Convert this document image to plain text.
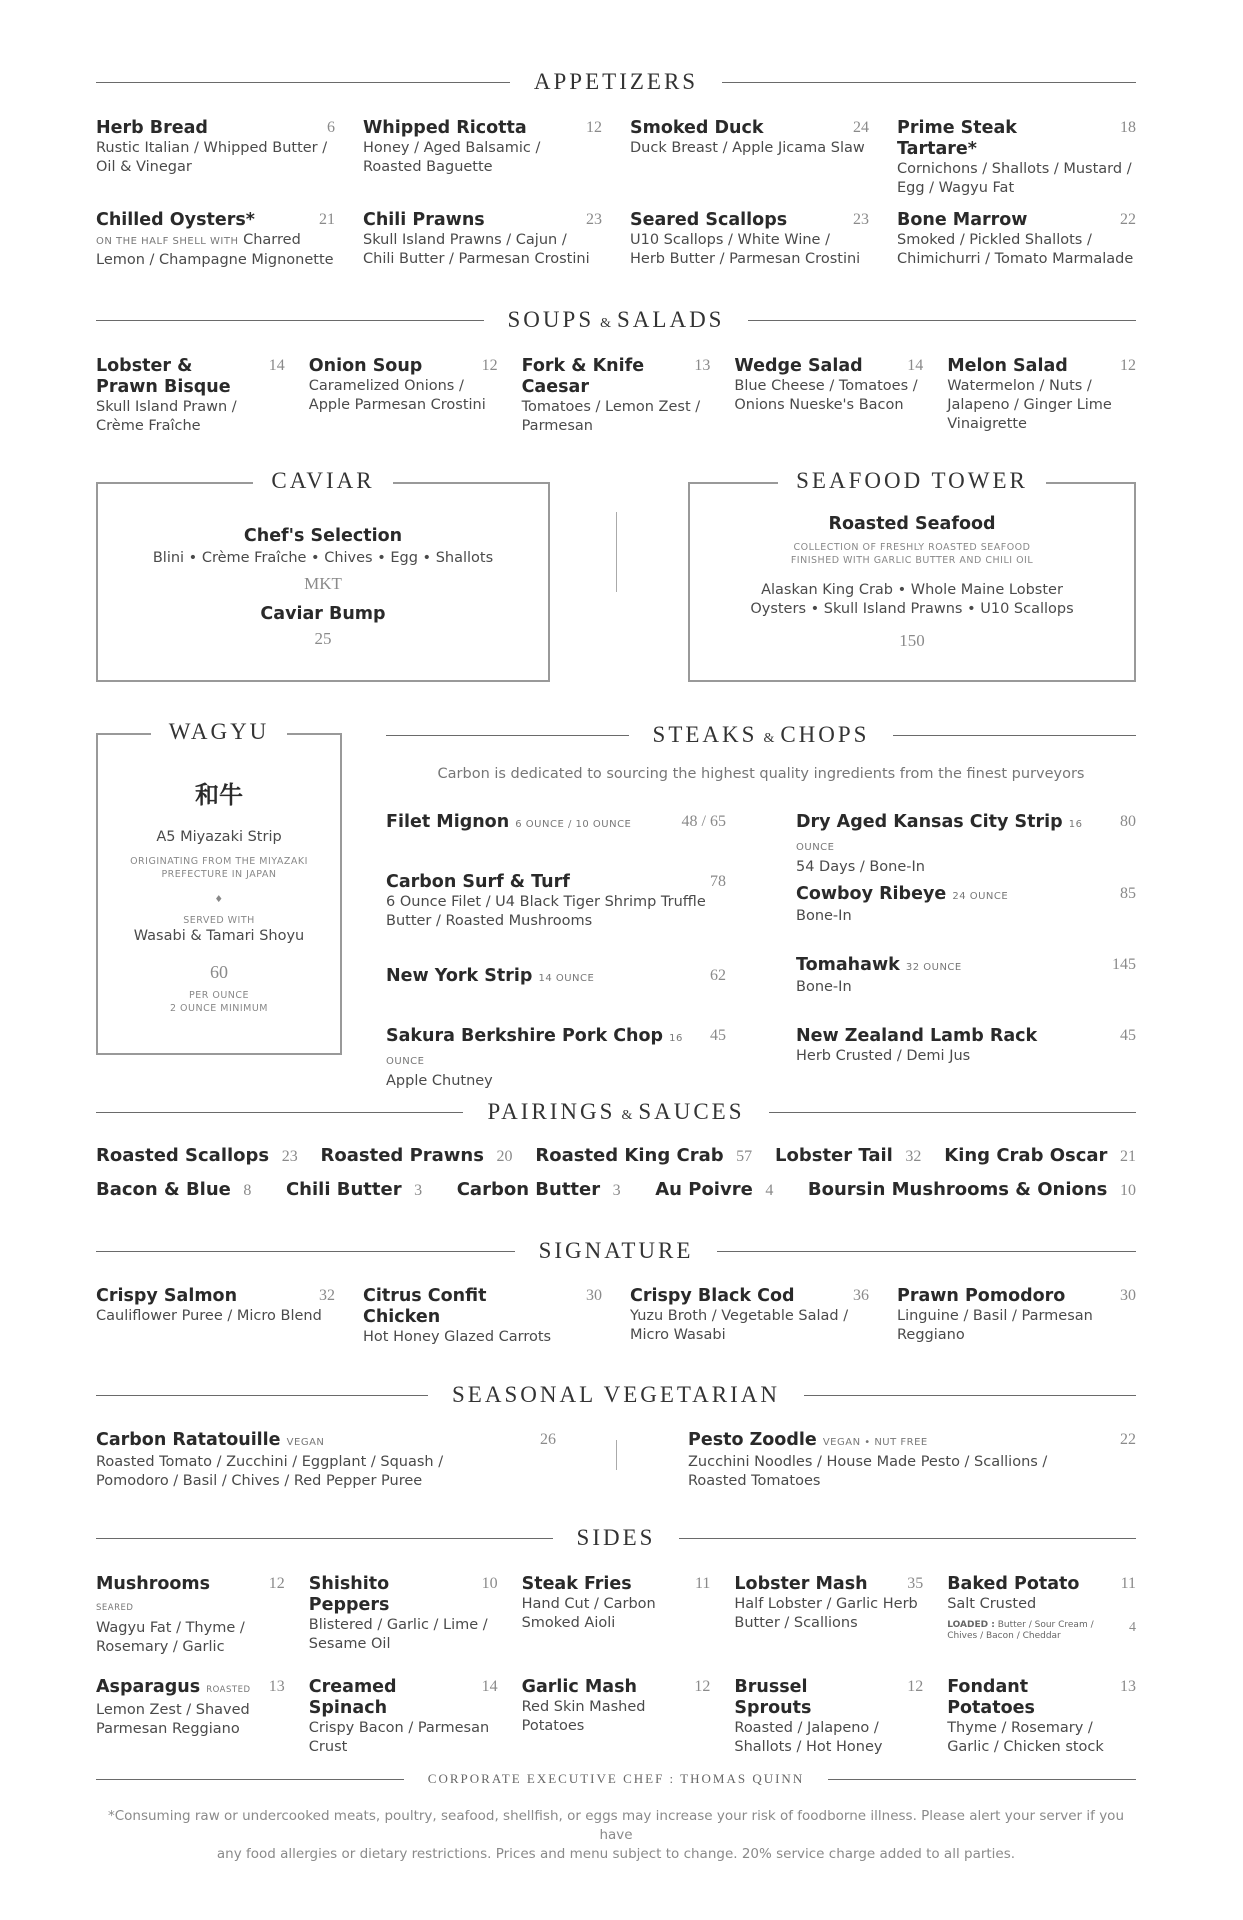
APPETIZERS
Herb Bread	6
Rustic Italian / Whipped Butter / Oil & Vinegar
Whipped Ricotta	12
Honey / Aged Balsamic / Roasted Baguette
Smoked Duck	24
Duck Breast / Apple Jicama Slaw
Prime Steak Tartare*
18
Cornichons / Shallots / Mustard / Egg / Wagyu Fat
Chilled Oysters*	21
ON THE HALF SHELL WITH Charred Lemon / Champagne Mignonette
Chili Prawns	23
Skull Island Prawns / Cajun / Chili Butter / Parmesan Crostini
Seared Scallops	23
U10 Scallops / White Wine / Herb Butter / Parmesan Crostini
Bone Marrow	22
Smoked / Pickled Shallots / Chimichurri / Tomato Marmalade
SOUPS & SALADS
Lobster & Prawn Bisque
14
Skull Island Prawn / Crème Fraîche
Onion Soup	12
Caramelized Onions / Apple Parmesan Crostini
Fork & Knife Caesar
13
Tomatoes / Lemon Zest / Parmesan
Wedge Salad	14
Blue Cheese / Tomatoes / Onions Nueske's Bacon
Melon Salad	12
Watermelon / Nuts / Jalapeno / Ginger Lime Vinaigrette
CAVIAR
Chef's Selection
Blini • Crème Fraîche • Chives • Egg • Shallots
MKT
Caviar Bump
25
SEAFOOD TOWER
Roasted Seafood
COLLECTION OF FRESHLY ROASTED SEAFOOD FINISHED WITH GARLIC BUTTER AND CHILI OIL
Alaskan King Crab • Whole Maine Lobster
Oysters • Skull Island Prawns • U10 Scallops
150
WAGYU
和牛
A5 Miyazaki Strip
ORIGINATING FROM THE MIYAZAKI PREFECTURE IN JAPAN
♦
SERVED WITH
Wasabi & Tamari Shoyu
60
PER OUNCE
2 OUNCE MINIMUM
STEAKS & CHOPS
Carbon is dedicated to sourcing the highest quality ingredients from the finest purveyors
Filet Mignon 6 OUNCE / 10 OUNCE	48 / 65
Carbon Surf & Turf	78
6 Ounce Filet / U4 Black Tiger Shrimp Truffle Butter / Roasted Mushrooms
New York Strip 14 OUNCE	62
Sakura Berkshire Pork Chop 16 OUNCE
45
Apple Chutney
Dry Aged Kansas City Strip 16 OUNCE
80
54 Days / Bone-In
Cowboy Ribeye 24 OUNCE	85
Bone-In
Tomahawk 32 OUNCE	145
Bone-In
New Zealand Lamb Rack	45
Herb Crusted / Demi Jus
PAIRINGS & SAUCES
Roasted Scallops 23 Roasted Prawns 20 Roasted King Crab 57 Lobster Tail 32 King Crab Oscar 21
Bacon & Blue 8 Chili Butter 3 Carbon Butter 3 Au Poivre 4 Boursin Mushrooms & Onions 10
SIGNATURE
Crispy Salmon	32
Cauliflower Puree / Micro Blend
Citrus Confit Chicken
30
Hot Honey Glazed Carrots
Crispy Black Cod	36
Yuzu Broth / Vegetable Salad / Micro Wasabi
Prawn Pomodoro	30
Linguine / Basil / Parmesan Reggiano
SEASONAL VEGETARIAN
Carbon Ratatouille VEGAN	26
Roasted Tomato / Zucchini / Eggplant / Squash / Pomodoro / Basil / Chives / Red Pepper Puree
Pesto Zoodle VEGAN • NUT FREE	22
Zucchini Noodles / House Made Pesto / Scallions / Roasted Tomatoes
SIDES
Mushrooms SEARED
12
Wagyu Fat / Thyme / Rosemary / Garlic
Shishito Peppers
10
Blistered / Garlic / Lime / Sesame Oil
Steak Fries	11
Hand Cut / Carbon Smoked Aioli
Lobster Mash	35
Half Lobster / Garlic Herb Butter / Scallions
Baked Potato	11
Salt Crusted
LOADED : Butter / Sour Cream / Chives / Bacon / Cheddar
4
Asparagus ROASTED	13
Lemon Zest / Shaved Parmesan Reggiano
Creamed Spinach
14
Crispy Bacon / Parmesan Crust
Garlic Mash	12
Red Skin Mashed Potatoes
Brussel Sprouts
12
Roasted / Jalapeno / Shallots / Hot Honey
Fondant Potatoes
13
Thyme / Rosemary / Garlic / Chicken stock
CORPORATE EXECUTIVE CHEF : THOMAS QUINN
*Consuming raw or undercooked meats, poultry, seafood, shellfish, or eggs may increase your risk of foodborne illness. Please alert your server if you have
any food allergies or dietary restrictions. Prices and menu subject to change. 20% service charge added to all parties.
